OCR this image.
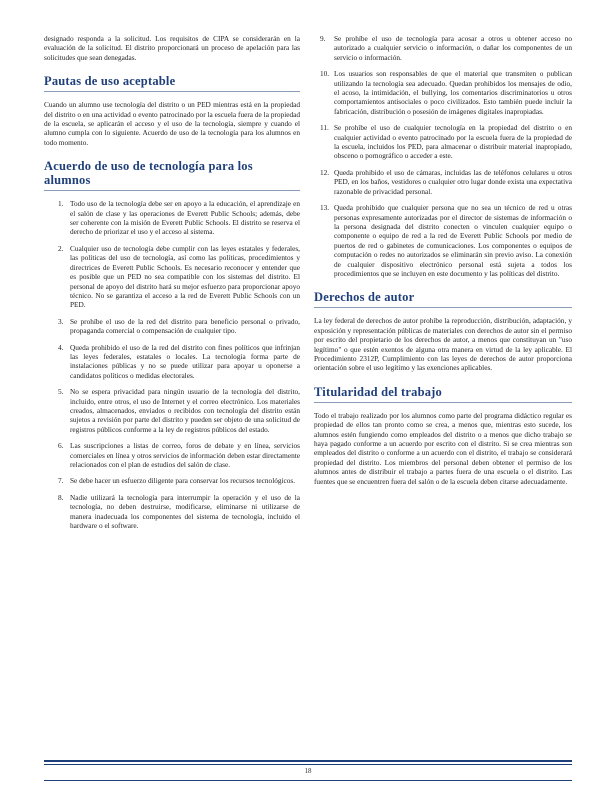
designado responda a la solicitud. Los requisitos de CIPA se considerarán en la evaluación de la solicitud. El distrito proporcionará un proceso de apelación para las solicitudes que sean denegadas.

Pautas de uso aceptable

Cuando un alumno use tecnología del distrito o un PED mientras está en la propiedad del distrito o en una actividad o evento patrocinado por la escuela fuera de la propiedad de la escuela, se aplicarán el acceso y el uso de la tecnología, siempre y cuando el alumno cumpla con lo siguiente. Acuerdo de uso de la tecnología para los alumnos en todo momento.

Acuerdo de uso de tecnología para los alumnos
1. Todo uso de la tecnología debe ser en apoyo a la educación, el aprendizaje en el salón de clase y las operaciones de Everett Public Schools; además, debe ser coherente con la misión de Everett Public Schools. El distrito se reserva el derecho de priorizar el uso y el acceso al sistema.
2. Cualquier uso de tecnología debe cumplir con las leyes estatales y federales, las políticas del uso de tecnología, así como las políticas, procedimientos y directrices de Everett Public Schools. Es necesario reconocer y entender que es posible que un PED no sea compatible con los sistemas del distrito. El personal de apoyo del distrito hará su mejor esfuerzo para proporcionar apoyo técnico. No se garantiza el acceso a la red de Everett Public Schools con un PED.
3. Se prohíbe el uso de la red del distrito para beneficio personal o privado, propaganda comercial o compensación de cualquier tipo.
4. Queda prohibido el uso de la red del distrito con fines políticos que infrinjan las leyes federales, estatales o locales. La tecnología forma parte de instalaciones públicas y no se puede utilizar para apoyar u oponerse a candidatos políticos o medidas electorales.
5. No se espera privacidad para ningún usuario de la tecnología del distrito, incluido, entre otros, el uso de Internet y el correo electrónico. Los materiales creados, almacenados, enviados o recibidos con tecnología del distrito están sujetos a revisión por parte del distrito y pueden ser objeto de una solicitud de registros públicos conforme a la ley de registros públicos del estado.
6. Las suscripciones a listas de correo, foros de debate y en línea, servicios comerciales en línea y otros servicios de información deben estar directamente relacionados con el plan de estudios del salón de clase.
7. Se debe hacer un esfuerzo diligente para conservar los recursos tecnológicos.
8. Nadie utilizará la tecnología para interrumpir la operación y el uso de la tecnología, no deben destruirse, modificarse, eliminarse ni utilizarse de manera inadecuada los componentes del sistema de tecnología, incluido el hardware o el software.
9. Se prohíbe el uso de tecnología para acosar a otros u obtener acceso no autorizado a cualquier servicio o información, o dañar los componentes de un servicio o información.
10. Los usuarios son responsables de que el material que transmiten o publican utilizando la tecnología sea adecuado. Quedan prohibidos los mensajes de odio, el acoso, la intimidación, el bullying, los comentarios discriminatorios u otros comportamientos antisociales o poco civilizados. Esto también puede incluir la fabricación, distribución o posesión de imágenes digitales inapropiadas.
11. Se prohíbe el uso de cualquier tecnología en la propiedad del distrito o en cualquier actividad o evento patrocinado por la escuela fuera de la propiedad de la escuela, incluidos los PED, para almacenar o distribuir material inapropiado, obsceno o pornográfico o acceder a este.
12. Queda prohibido el uso de cámaras, incluidas las de teléfonos celulares u otros PED, en los baños, vestidores o cualquier otro lugar donde exista una expectativa razonable de privacidad personal.
13. Queda prohibido que cualquier persona que no sea un técnico de red u otras personas expresamente autorizadas por el director de sistemas de información o la persona designada del distrito conecten o vinculen cualquier equipo o componente o equipo de red a la red de Everett Public Schools por medio de puertos de red o gabinetes de comunicaciones. Los componentes o equipos de computación o redes no autorizados se eliminarán sin previo aviso. La conexión de cualquier dispositivo electrónico personal está sujeta a todos los procedimientos que se incluyen en este documento y las políticas del distrito.
Derechos de autor

La ley federal de derechos de autor prohíbe la reproducción, distribución, adaptación, y exposición y representación públicas de materiales con derechos de autor sin el permiso por escrito del propietario de los derechos de autor, a menos que constituyan un "uso legítimo" o que estén exentos de alguna otra manera en virtud de la ley aplicable. El Procedimiento 2312P, Cumplimiento con las leyes de derechos de autor proporciona orientación sobre el uso legítimo y las exenciones aplicables.

Titularidad del trabajo

Todo el trabajo realizado por los alumnos como parte del programa didáctico regular es propiedad de ellos tan pronto como se crea, a menos que, mientras esto sucede, los alumnos estén fungiendo como empleados del distrito o a menos que dicho trabajo se haya pagado conforme a un acuerdo por escrito con el distrito. Si se crea mientras son empleados del distrito o conforme a un acuerdo con el distrito, el trabajo se considerará propiedad del distrito. Los miembros del personal deben obtener el permiso de los alumnos antes de distribuir el trabajo a partes fuera de una escuela o el distrito. Las fuentes que se encuentren fuera del salón o de la escuela deben citarse adecuadamente.

18
